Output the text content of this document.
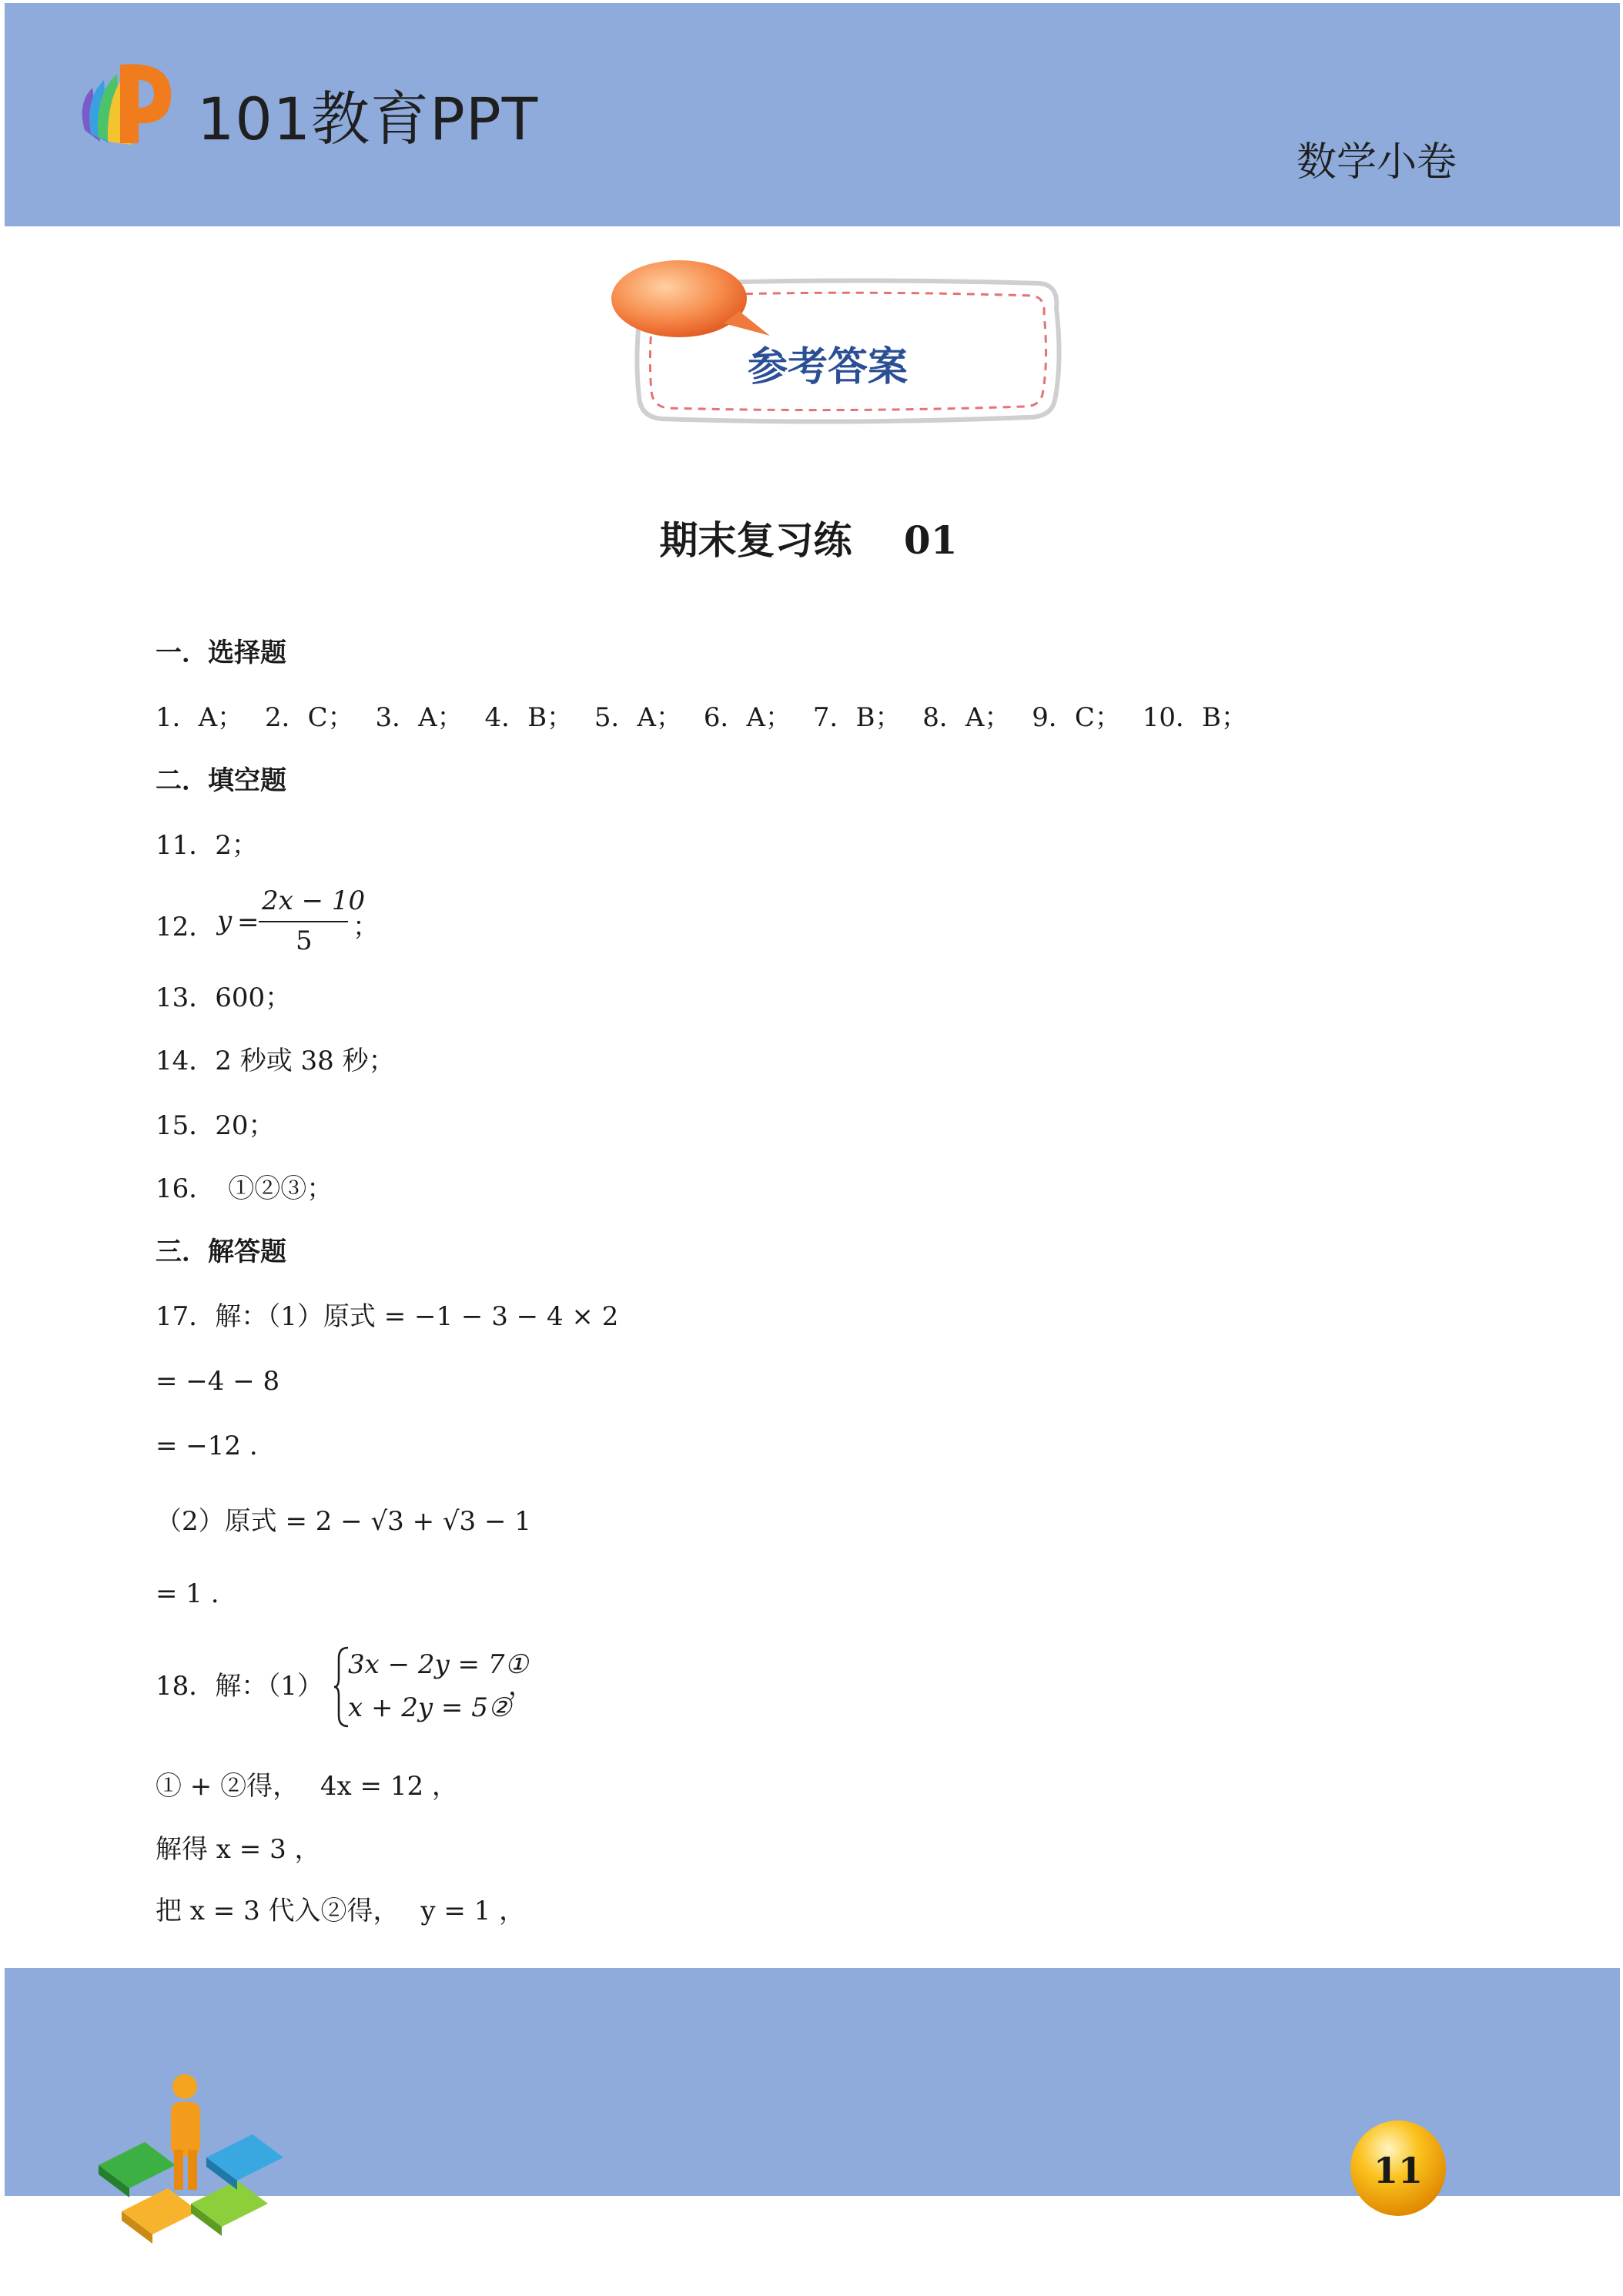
101教育PPT
数学小卷
参考答案
期末复习练　 01
一．选择题
1．A；　 2．C；　 3．A；　 4．B；　 5．A；　 6．A；　 7．B；　 8．A；　 9．C；　 10．B；
二．填空题
11．2；
12． y =
2x − 10
5 ；
13．600；
14．2 秒或 38 秒；
15．20；
16．　①②③；
三．解答题
17．解：（1）原式 = −1 − 3 − 4 × 2
= −4 − 8
= −12 .
（2）原式 = 2 − √3 + √3 − 1
= 1 .
18．解：（1）
3x − 2y = 7①
x + 2y = 5②
，
① + ②得，　 4x = 12 ，
解得 x = 3 ，
把 x = 3 代入②得，　 y = 1 ，
11
